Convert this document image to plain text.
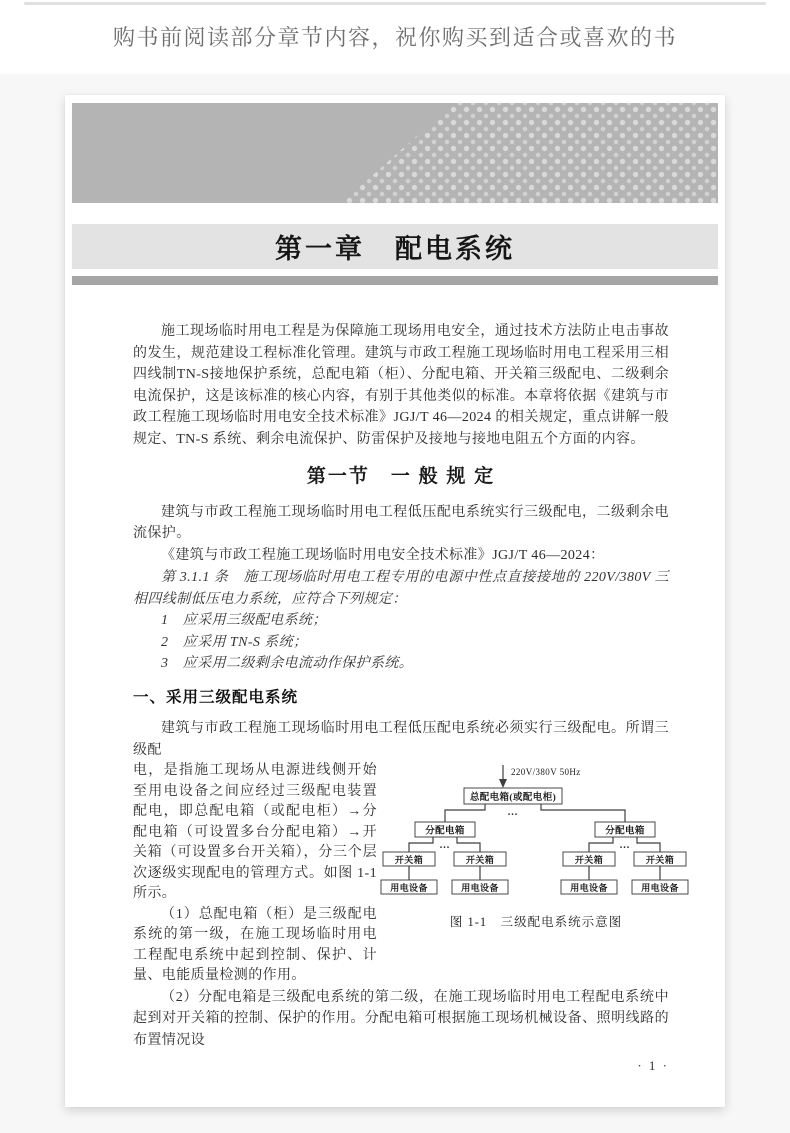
购书前阅读部分章节内容，祝你购买到适合或喜欢的书
第一章　配电系统

施工现场临时用电工程是为保障施工现场用电安全，通过技术方法防止电击事故的发生，规范建设工程标准化管理。建筑与市政工程施工现场临时用电工程采用三相四线制TN-S接地保护系统，总配电箱（柜）、分配电箱、开关箱三级配电、二级剩余电流保护，这是该标准的核心内容，有别于其他类似的标准。本章将依据《建筑与市政工程施工现场临时用电安全技术标准》JGJ/T 46—2024 的相关规定，重点讲解一般规定、TN-S 系统、剩余电流保护、防雷保护及接地与接地电阻五个方面的内容。

第一节　一 般 规 定

建筑与市政工程施工现场临时用电工程低压配电系统实行三级配电，二级剩余电流保护。

《建筑与市政工程施工现场临时用电安全技术标准》JGJ/T 46—2024：

第 3.1.1 条　施工现场临时用电工程专用的电源中性点直接接地的 220V/380V 三相四线制低压电力系统，应符合下列规定：

1　应采用三级配电系统；

2　应采用 TN-S 系统；

3　应采用二级剩余电流动作保护系统。

一、采用三级配电系统

建筑与市政工程施工现场临时用电工程低压配电系统必须实行三级配电。所谓三级配

电，是指施工现场从电源进线侧开始至用电设备之间应经过三级配电装置配电，即总配电箱（或配电柜）→分配电箱（可设置多台分配电箱）→开关箱（可设置多台开关箱），分三个层次逐级实现配电的管理方式。如图 1-1 所示。

（1）总配电箱（柜）是三级配电系统的第一级，在施工现场临时用电工程配电系统中起到控制、保护、计量、电能质量检测的作用。

220V/380V 50Hz
总配电箱(或配电柜)
...
分配电箱	分配电箱
...	...
开关箱	开关箱	开关箱	开关箱
用电设备	用电设备	用电设备	用电设备
图 1-1　三级配电系统示意图

（2）分配电箱是三级配电系统的第二级，在施工现场临时用电工程配电系统中起到对开关箱的控制、保护的作用。分配电箱可根据施工现场机械设备、照明线路的布置情况设

· 1 ·
